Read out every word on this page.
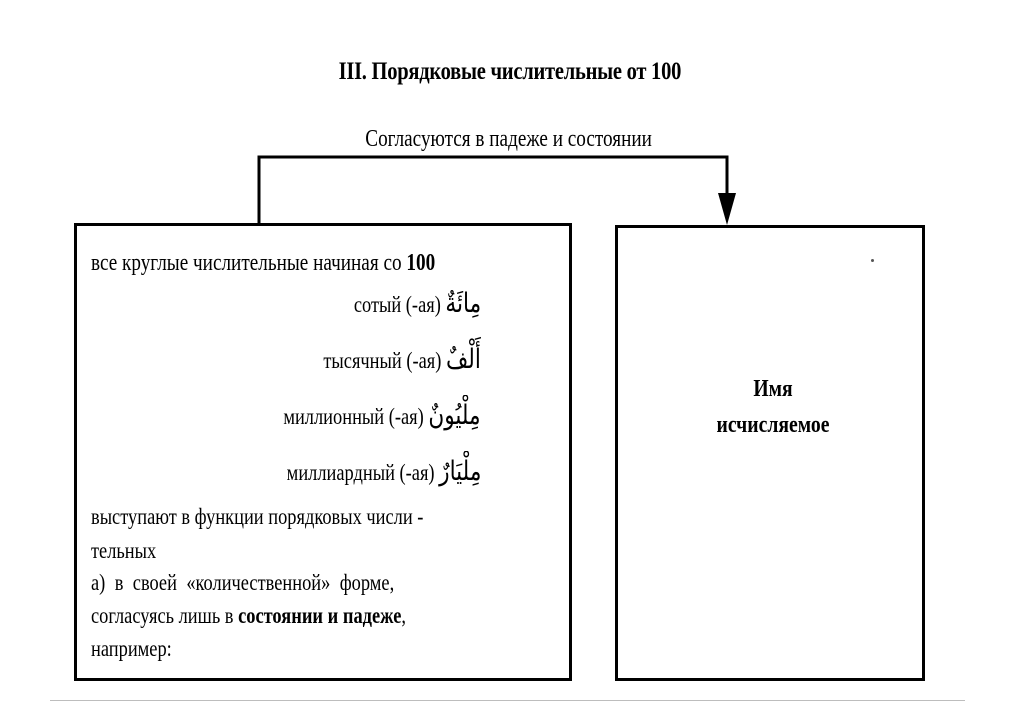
III. Порядковые числительные от 100
Согласуются в падеже и состоянии
все круглые числительные начиная со 100
сотый (-ая) مِائَةٌ
тысячный (-ая) أَلْفٌ
миллионный (-ая) مِلْيُونٌ
миллиардный (-ая) مِلْيَارٌ
выступают в функции порядковых числи -
тельных
а) в своей «количественной» форме,
согласуясь лишь в состоянии и падеже,
например:
Имя
исчисляемое
